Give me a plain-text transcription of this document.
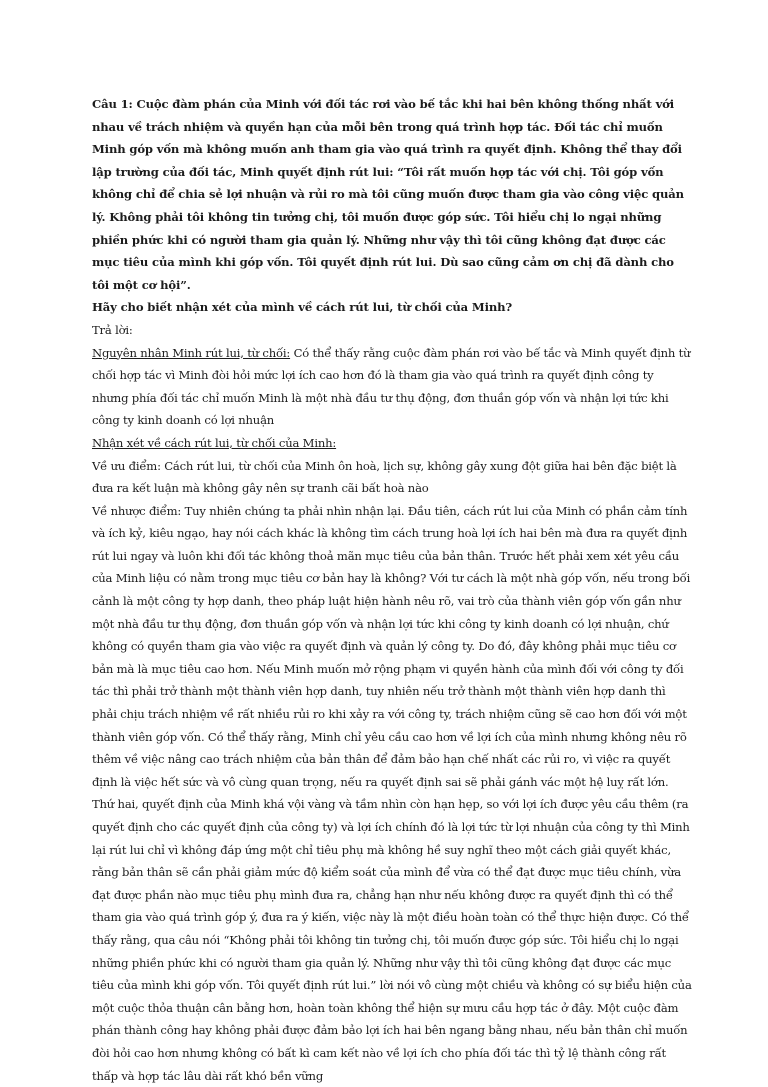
Câu 1: Cuộc đàm phán của Minh với đối tác rơi vào bế tắc khi hai bên không thống nhất với nhau về trách nhiệm và quyền hạn của mỗi bên trong quá trình hợp tác. Đối tác chỉ muốn Minh góp vốn mà không muốn anh tham gia vào quá trình ra quyết định. Không thể thay đổi lập trường của đối tác, Minh quyết định rút lui: “Tôi rất muốn hợp tác với chị. Tôi góp vốn không chỉ để chia sẻ lợi nhuận và rủi ro mà tôi cũng muốn được tham gia vào công việc quản lý. Không phải tôi không tin tưởng chị, tôi muốn được góp sức. Tôi hiểu chị lo ngại những phiền phức khi có người tham gia quản lý. Những như vậy thì tôi cũng không đạt được các mục tiêu của mình khi góp vốn. Tôi quyết định rút lui. Dù sao cũng cảm ơn chị đã dành cho tôi một cơ hội”.

Hãy cho biết nhận xét của mình về cách rút lui, từ chối của Minh?

Trả lời:

Nguyên nhân Minh rút lui, từ chối: Có thể thấy rằng cuộc đàm phán rơi vào bế tắc và Minh quyết định từ chối hợp tác vì Minh đòi hỏi mức lợi ích cao hơn đó là tham gia vào quá trình ra quyết định công ty nhưng phía đối tác chỉ muốn Minh là một nhà đầu tư thụ động, đơn thuần góp vốn và nhận lợi tức khi công ty kinh doanh có lợi nhuận

Nhận xét về cách rút lui, từ chối của Minh:

Về ưu điểm: Cách rút lui, từ chối của Minh ôn hoà, lịch sự, không gây xung đột giữa hai bên đặc biệt là đưa ra kết luận mà không gây nên sự tranh cãi bất hoà nào

Về nhược điểm: Tuy nhiên chúng ta phải nhìn nhận lại. Đầu tiên, cách rút lui của Minh có phần cảm tính và ích kỷ, kiêu ngạo, hay nói cách khác là không tìm cách trung hoà lợi ích hai bên mà đưa ra quyết định rút lui ngay và luôn khi đối tác không thoả mãn mục tiêu của bản thân. Trước hết phải xem xét yêu cầu của Minh liệu có nằm trong mục tiêu cơ bản hay là không? Với tư cách là một nhà góp vốn, nếu trong bối cảnh là một công ty hợp danh, theo pháp luật hiện hành nêu rõ, vai trò của thành viên góp vốn gần như một nhà đầu tư thụ động, đơn thuần góp vốn và nhận lợi tức khi công ty kinh doanh có lợi nhuận, chứ không có quyền tham gia vào việc ra quyết định và quản lý công ty. Do đó, đây không phải mục tiêu cơ bản mà là mục tiêu cao hơn. Nếu Minh muốn mở rộng phạm vi quyền hành của mình đối với công ty đối tác thì phải trở thành một thành viên hợp danh, tuy nhiên nếu trở thành một thành viên hợp danh thì phải chịu trách nhiệm về rất nhiều rủi ro khi xảy ra với công ty, trách nhiệm cũng sẽ cao hơn đối với một thành viên góp vốn. Có thể thấy rằng, Minh chỉ yêu cầu cao hơn về lợi ích của mình nhưng không nêu rõ thêm về việc nâng cao trách nhiệm của bản thân để đảm bảo hạn chế nhất các rủi ro, vì việc ra quyết định là việc hết sức và vô cùng quan trọng, nếu ra quyết định sai sẽ phải gánh vác một hệ luỵ rất lớn.

Thứ hai, quyết định của Minh khá vội vàng và tầm nhìn còn hạn hẹp, so với lợi ích được yêu cầu thêm (ra quyết định cho các quyết định của công ty) và lợi ích chính đó là lợi tức từ lợi nhuận của công ty thì Minh lại rút lui chỉ vì không đáp ứng một chỉ tiêu phụ mà không hề suy nghĩ theo một cách giải quyết khác, rằng bản thân sẽ cần phải giảm mức độ kiểm soát của mình để vừa có thể đạt được mục tiêu chính, vừa đạt được phần nào mục tiêu phụ mình đưa ra, chẳng hạn như nếu không được ra quyết định thì có thể tham gia vào quá trình góp ý, đưa ra ý kiến, việc này là một điều hoàn toàn có thể thực hiện được. Có thể thấy rằng, qua câu nói “Không phải tôi không tin tưởng chị, tôi muốn được góp sức. Tôi hiểu chị lo ngại những phiền phức khi có người tham gia quản lý. Những như vậy thì tôi cũng không đạt được các mục tiêu của mình khi góp vốn. Tôi quyết định rút lui.” lời nói vô cùng một chiều và không có sự biểu hiện của một cuộc thỏa thuận cân bằng hơn, hoàn toàn không thể hiện sự mưu cầu hợp tác ở đây. Một cuộc đàm phán thành công hay không phải được đảm bảo lợi ích hai bên ngang bằng nhau, nếu bản thân chỉ muốn đòi hỏi cao hơn nhưng không có bất kì cam kết nào về lợi ích cho phía đối tác thì tỷ lệ thành công rất thấp và hợp tác lâu dài rất khó bền vững
